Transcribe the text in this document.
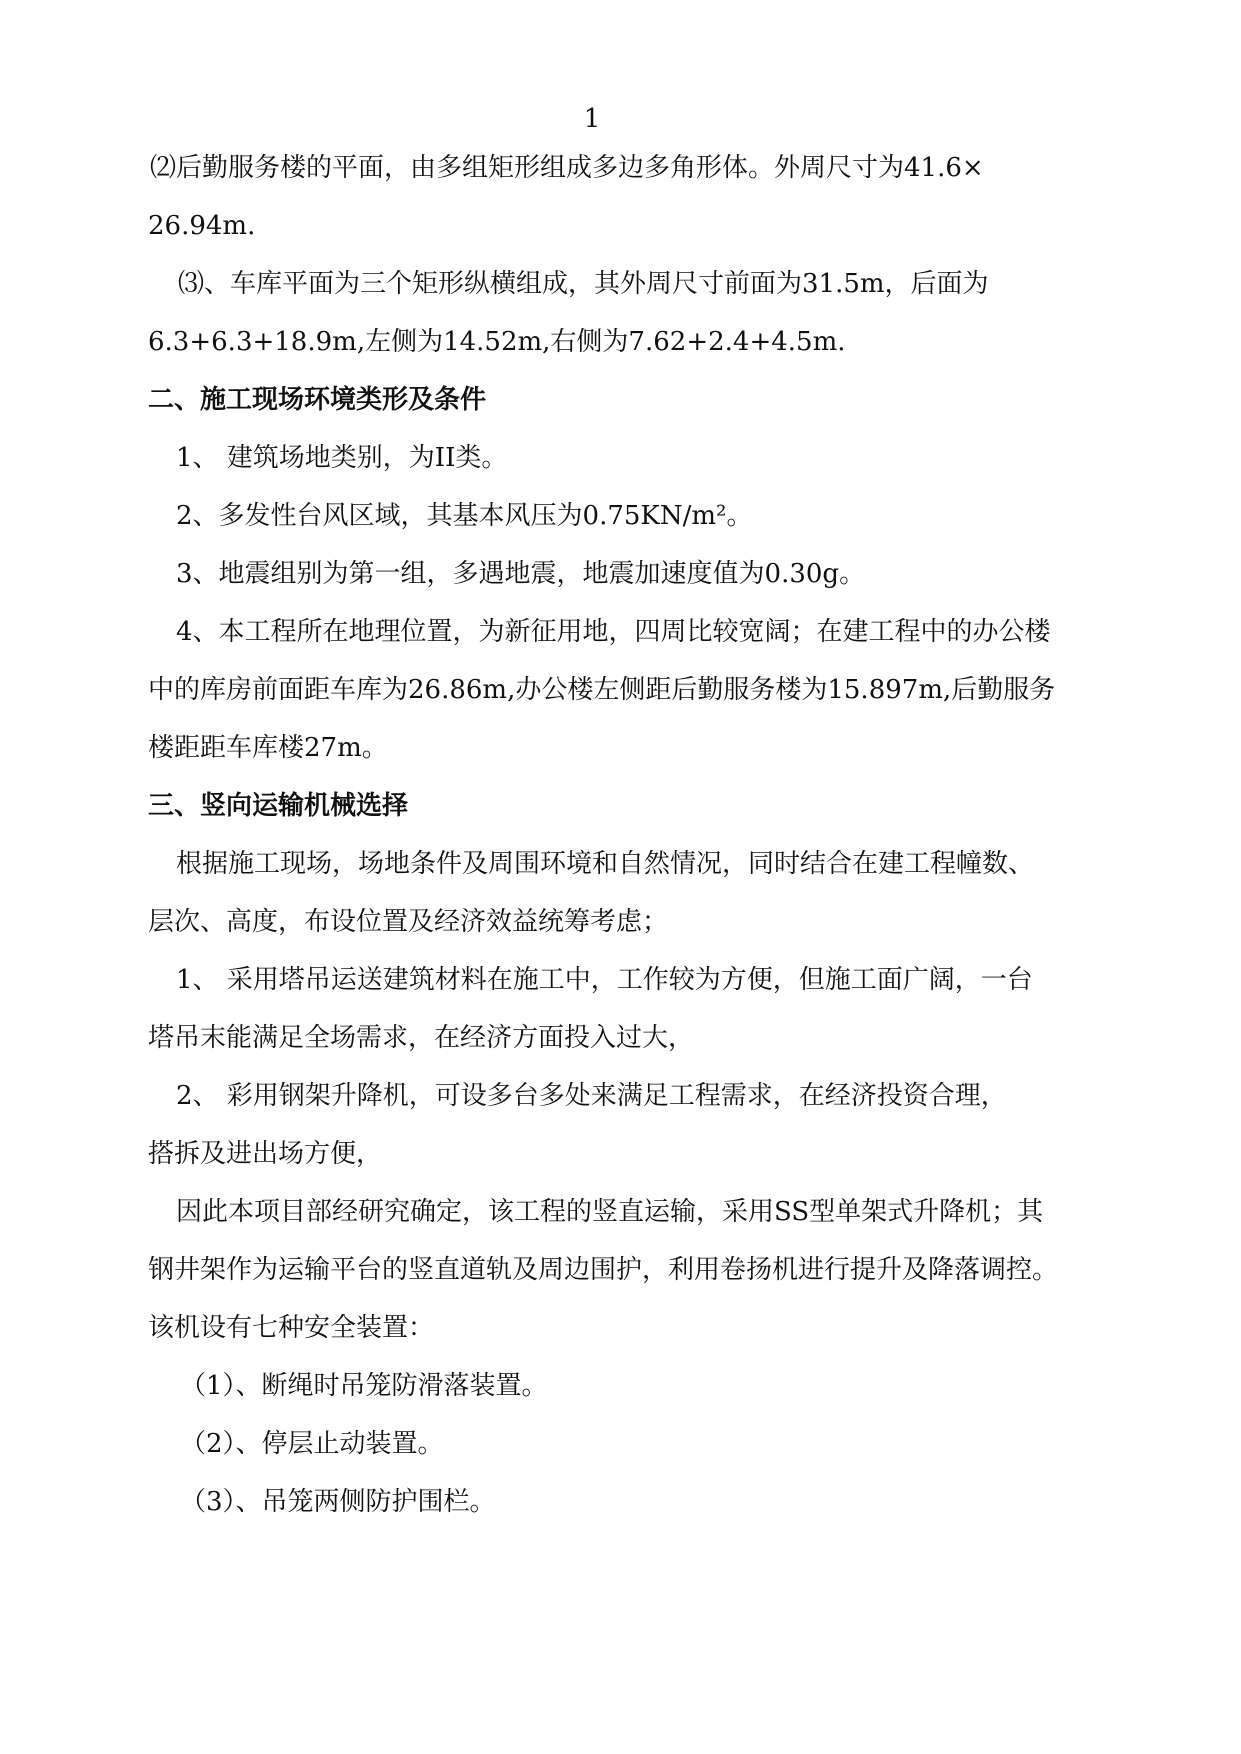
1
⑵后勤服务楼的平面，由多组矩形组成多边多角形体。外周尺寸为41.6×
26.94m.
⑶、车库平面为三个矩形纵横组成，其外周尺寸前面为31.5m，后面为
6.3+6.3+18.9m,左侧为14.52m,右侧为7.62+2.4+4.5m.
二、施工现场环境类形及条件
1、 建筑场地类别，为II类。
2、多发性台风区域，其基本风压为0.75KN/m²。
3、地震组别为第一组，多遇地震，地震加速度值为0.30g。
4、本工程所在地理位置，为新征用地，四周比较宽阔；在建工程中的办公楼
中的库房前面距车库为26.86m,办公楼左侧距后勤服务楼为15.897m,后勤服务
楼距距车库楼27m。
三、竖向运输机械选择
根据施工现场，场地条件及周围环境和自然情况，同时结合在建工程幢数、
层次、高度，布设位置及经济效益统筹考虑；
1、 采用塔吊运送建筑材料在施工中，工作较为方便，但施工面广阔，一台
塔吊末能满足全场需求，在经济方面投入过大，
2、 彩用钢架升降机，可设多台多处来满足工程需求，在经济投资合理，
搭拆及进出场方便，
因此本项目部经研究确定，该工程的竖直运输，采用SS型单架式升降机；其
钢井架作为运输平台的竖直道轨及周边围护，利用卷扬机进行提升及降落调控。
该机设有七种安全装置：
（1）、断绳时吊笼防滑落装置。
（2）、停层止动装置。
（3）、吊笼两侧防护围栏。
